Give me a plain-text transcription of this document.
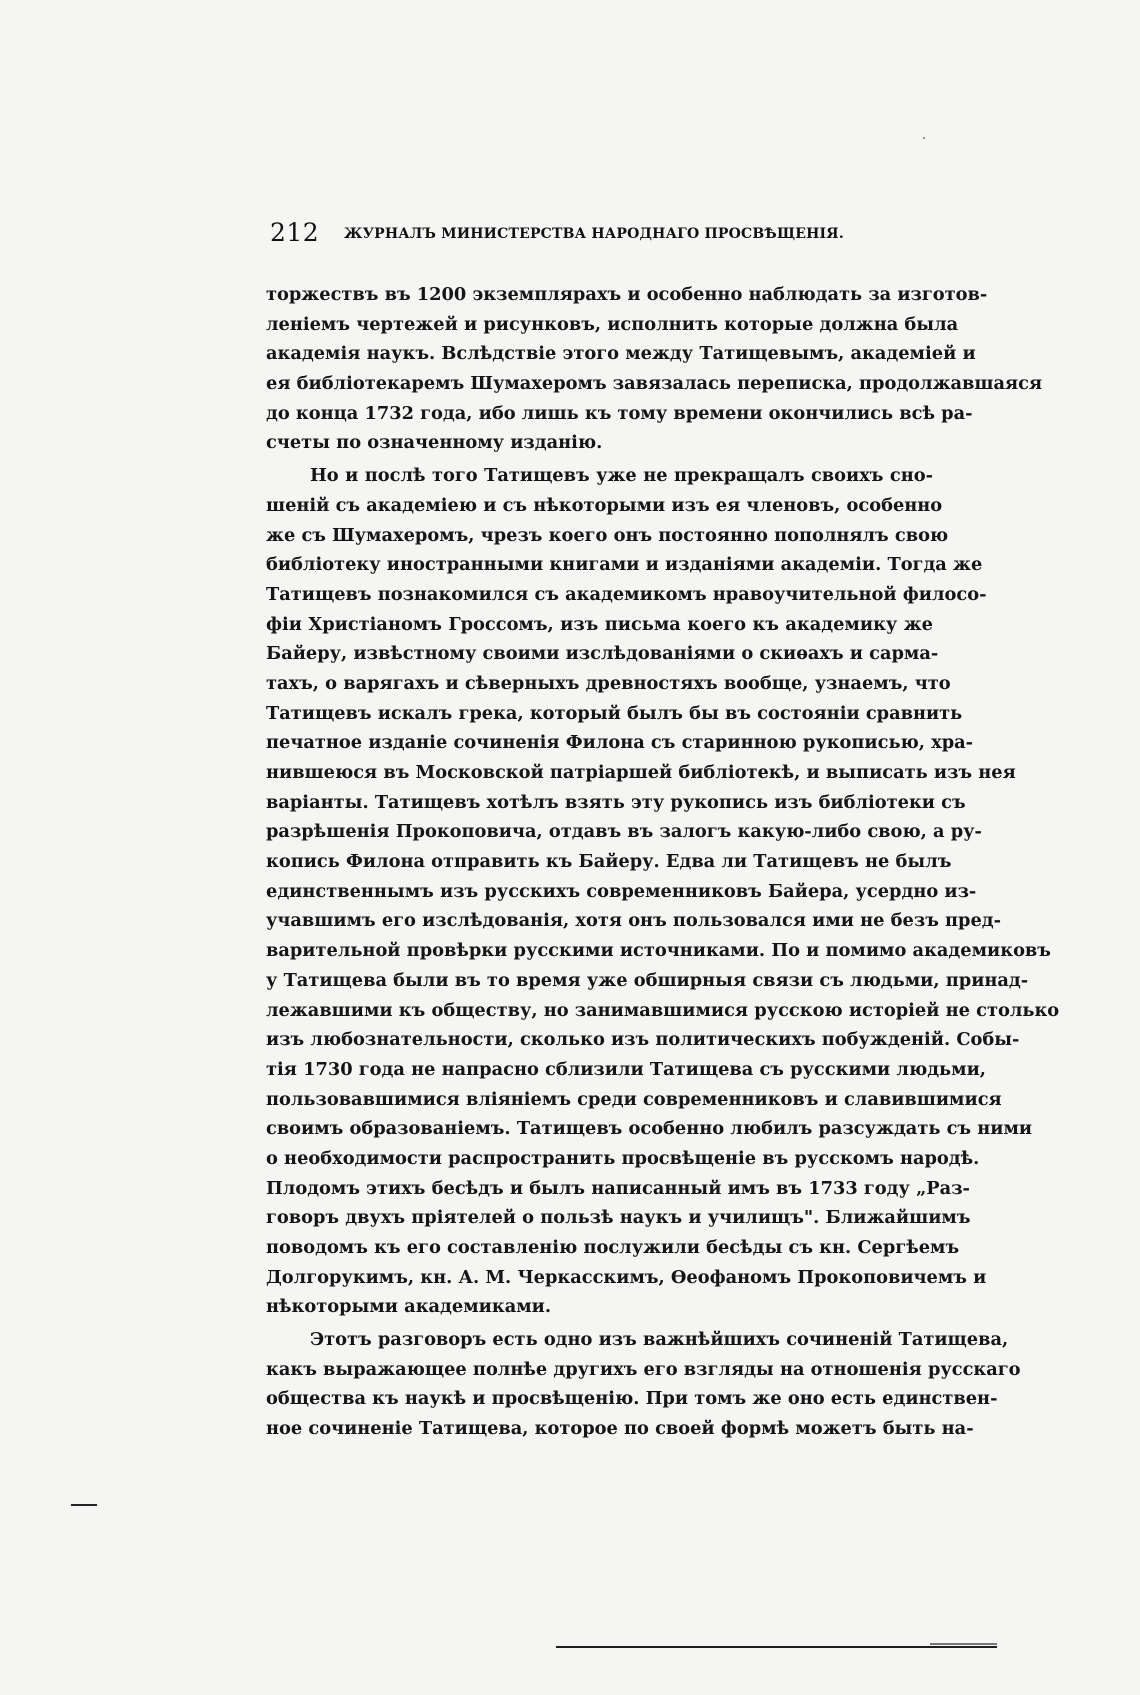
212 ЖУРНАЛЪ МИНИСТЕРСТВА НАРОДНАГО ПРОСВѢЩЕНІЯ.
торжествъ въ 1200 экземплярахъ и особенно наблюдать за изготов-
леніемъ чертежей и рисунковъ, исполнить которые должна была
академія наукъ. Вслѣдствіе этого между Татищевымъ, академіей и
ея библіотекаремъ Шумахеромъ завязалась переписка, продолжавшаяся
до конца 1732 года, ибо лишь къ тому времени окончились всѣ ра-
счеты по означенному изданію.
Но и послѣ того Татищевъ уже не прекращалъ своихъ сно-
шеній съ академіею и съ нѣкоторыми изъ ея членовъ, особенно
же съ Шумахеромъ, чрезъ коего онъ постоянно пополнялъ свою
библіотеку иностранными книгами и изданіями академіи. Тогда же
Татищевъ познакомился съ академикомъ нравоучительной филосо-
фіи Христіаномъ Гроссомъ, изъ письма коего къ академику же
Байеру, извѣстному своими изслѣдованіями о скиѳахъ и сарма-
тахъ, о варягахъ и сѣверныхъ древностяхъ вообще, узнаемъ, что
Татищевъ искалъ грека, который былъ бы въ состояніи сравнить
печатное изданіе сочиненія Филона съ старинною рукописью, хра-
нившеюся въ Московской патріаршей библіотекѣ, и выписать изъ нея
варіанты. Татищевъ хотѣлъ взять эту рукопись изъ библіотеки съ
разрѣшенія Прокоповича, отдавъ въ залогъ какую-либо свою, а ру-
копись Филона отправить къ Байеру. Едва ли Татищевъ не былъ
единственнымъ изъ русскихъ современниковъ Байера, усердно из-
учавшимъ его изслѣдованія, хотя онъ пользовался ими не безъ пред-
варительной провѣрки русскими источниками. По и помимо академиковъ
у Татищева были въ то время уже обширныя связи съ людьми, принад-
лежавшими къ обществу, но занимавшимися русскою исторіей не столько
изъ любознательности, сколько изъ политическихъ побужденій. Собы-
тія 1730 года не напрасно сблизили Татищева съ русскими людьми,
пользовавшимися вліяніемъ среди современниковъ и славившимися
своимъ образованіемъ. Татищевъ особенно любилъ разсуждать съ ними
о необходимости распространить просвѣщеніе въ русскомъ народѣ.
Плодомъ этихъ бесѣдъ и былъ написанный имъ въ 1733 году „Раз-
говоръ двухъ пріятелей о пользѣ наукъ и училищъ". Ближайшимъ
поводомъ къ его составленію послужили бесѣды съ кн. Сергѣемъ
Долгорукимъ, кн. А. М. Черкасскимъ, Ѳеофаномъ Прокоповичемъ и
нѣкоторыми академиками.
Этотъ разговоръ есть одно изъ важнѣйшихъ сочиненій Татищева,
какъ выражающее полнѣе другихъ его взгляды на отношенія русскаго
общества къ наукѣ и просвѣщенію. При томъ же оно есть единствен-
ное сочиненіе Татищева, которое по своей формѣ можетъ быть на-
